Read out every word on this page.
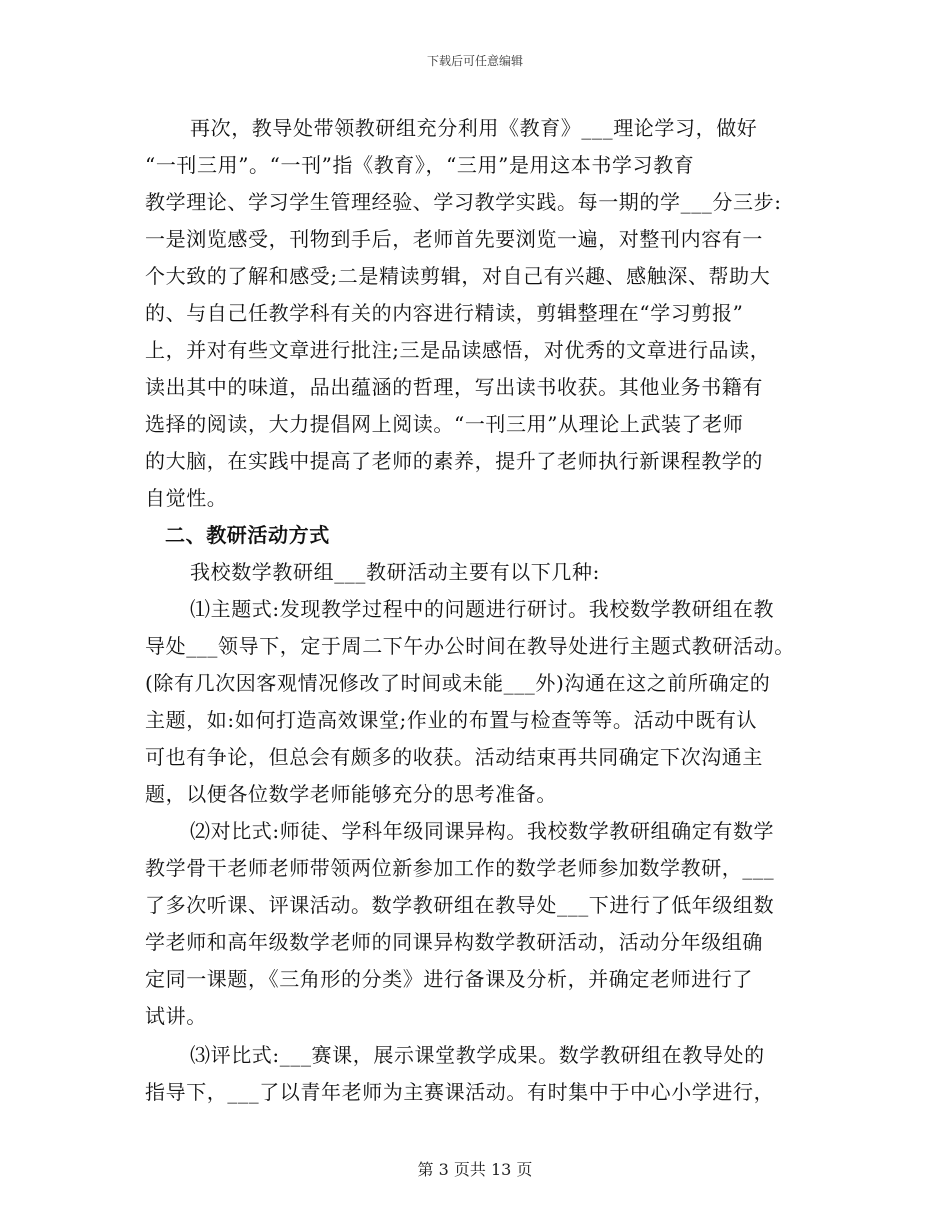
下载后可任意编辑
再次，教导处带领教研组充分利用《教育》___理论学习，做好
“一刊三用”。“一刊”指《教育》，“三用”是用这本书学习教育
教学理论、学习学生管理经验、学习教学实践。每一期的学___分三步:
一是浏览感受，刊物到手后，老师首先要浏览一遍，对整刊内容有一
个大致的了解和感受;二是精读剪辑，对自己有兴趣、感触深、帮助大
的、与自己任教学科有关的内容进行精读，剪辑整理在“学习剪报”
上，并对有些文章进行批注;三是品读感悟，对优秀的文章进行品读，
读出其中的味道，品出蕴涵的哲理，写出读书收获。其他业务书籍有
选择的阅读，大力提倡网上阅读。“一刊三用”从理论上武装了老师
的大脑，在实践中提高了老师的素养，提升了老师执行新课程教学的
自觉性。
二、教研活动方式
我校数学教研组___教研活动主要有以下几种:
⑴主题式:发现教学过程中的问题进行研讨。我校数学教研组在教
导处___领导下，定于周二下午办公时间在教导处进行主题式教研活动。
(除有几次因客观情况修改了时间或未能___外)沟通在这之前所确定的
主题，如:如何打造高效课堂;作业的布置与检查等等。活动中既有认
可也有争论，但总会有颇多的收获。活动结束再共同确定下次沟通主
题，以便各位数学老师能够充分的思考准备。
⑵对比式:师徒、学科年级同课异构。我校数学教研组确定有数学
教学骨干老师老师带领两位新参加工作的数学老师参加数学教研，___
了多次听课、评课活动。数学教研组在教导处___下进行了低年级组数
学老师和高年级数学老师的同课异构数学教研活动，活动分年级组确
定同一课题，《三角形的分类》进行备课及分析，并确定老师进行了
试讲。
⑶评比式:___赛课，展示课堂教学成果。数学教研组在教导处的
指导下，___了以青年老师为主赛课活动。有时集中于中心小学进行，
第 3 页共 13 页
